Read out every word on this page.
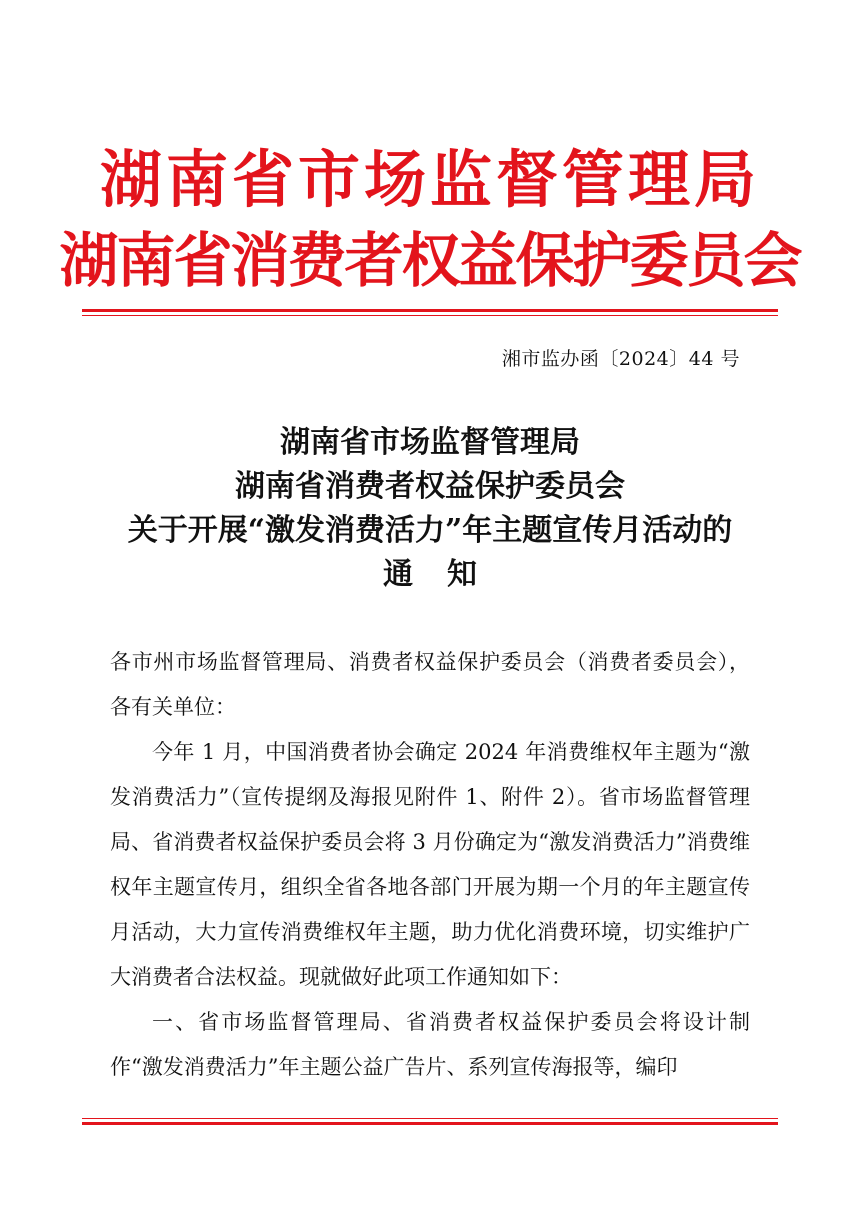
湖南省市场监督管理局
湖南省消费者权益保护委员会
湘市监办函〔2024〕44 号
湖南省市场监督管理局
湖南省消费者权益保护委员会
关于开展“激发消费活力”年主题宣传月活动的
通知

各市州市场监督管理局、消费者权益保护委员会（消费者委员会），各有关单位：

今年 1 月，中国消费者协会确定 2024 年消费维权年主题为“激发消费活力”（宣传提纲及海报见附件 1、附件 2）。省市场监督管理局、省消费者权益保护委员会将 3 月份确定为“激发消费活力”消费维权年主题宣传月，组织全省各地各部门开展为期一个月的年主题宣传月活动，大力宣传消费维权年主题，助力优化消费环境，切实维护广大消费者合法权益。现就做好此项工作通知如下：

一、省市场监督管理局、省消费者权益保护委员会将设计制作“激发消费活力”年主题公益广告片、系列宣传海报等，编印
